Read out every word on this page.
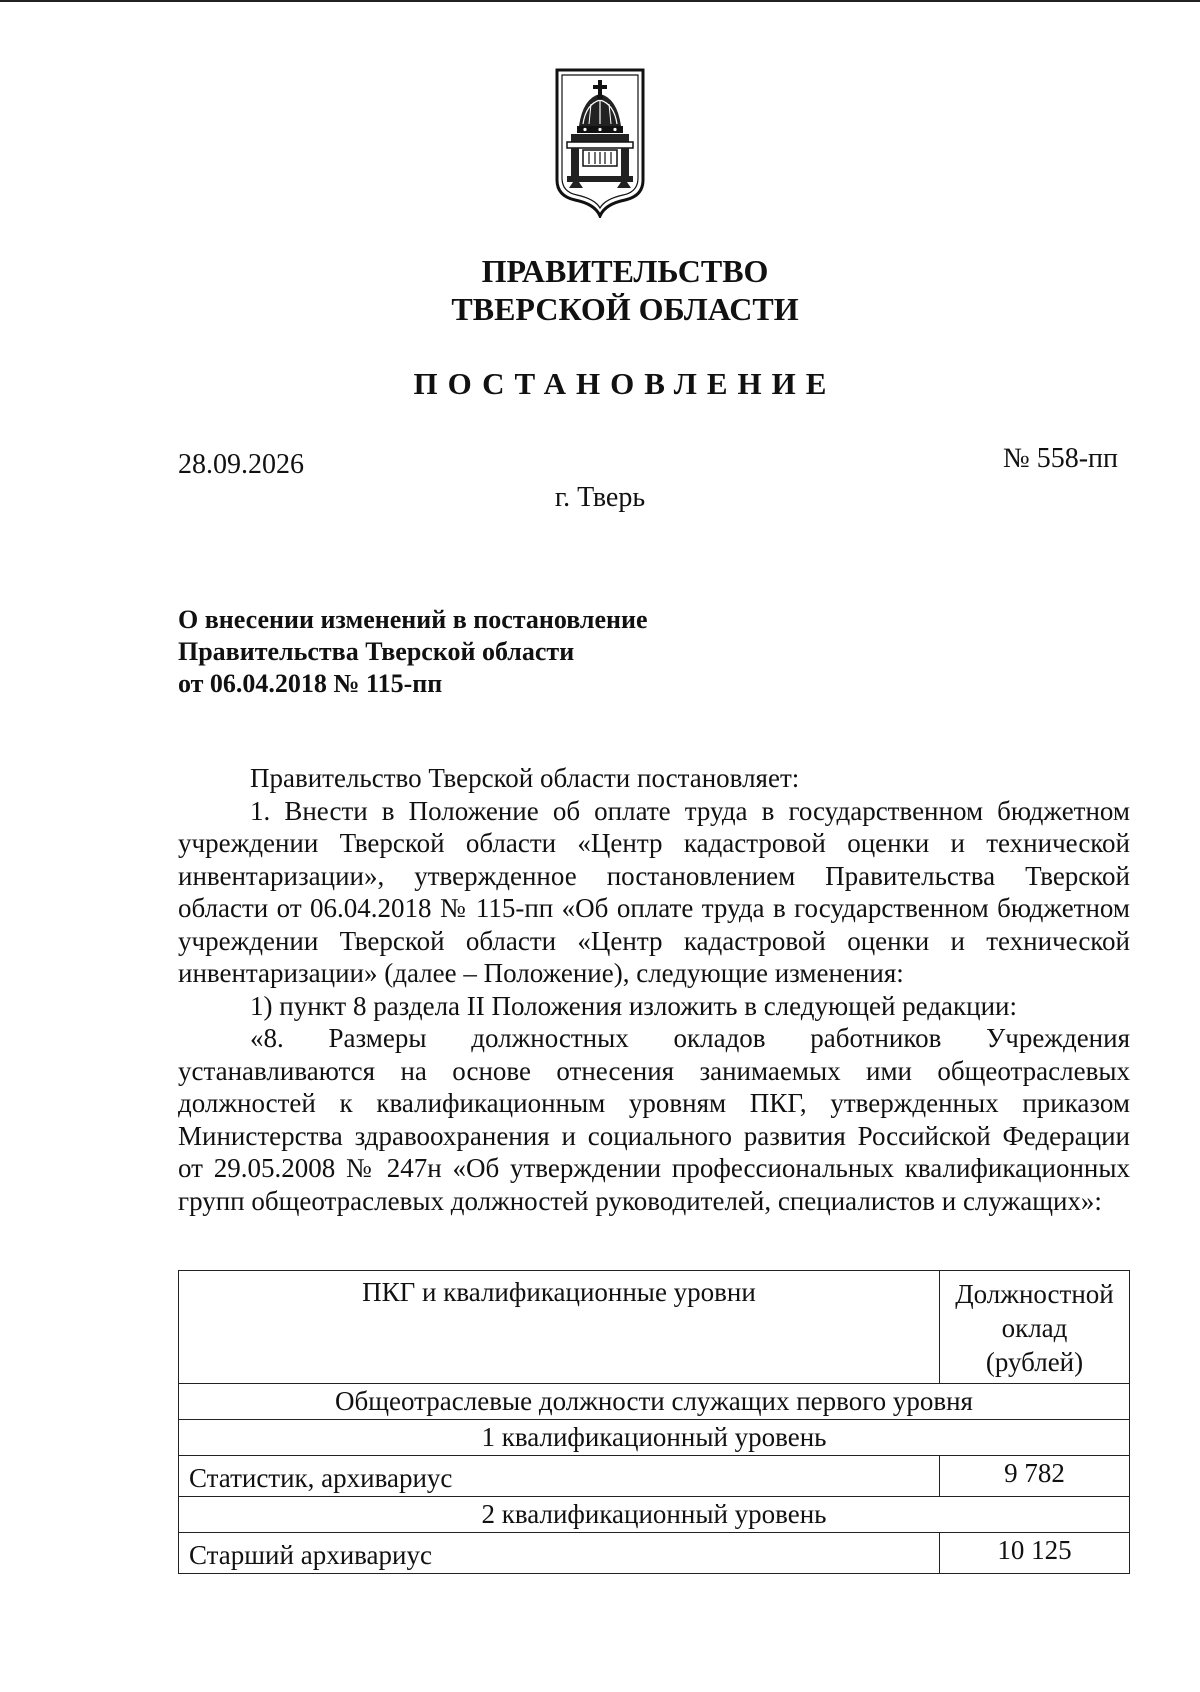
ПРАВИТЕЛЬСТВО
ТВЕРСКОЙ ОБЛАСТИ
ПОСТАНОВЛЕНИЕ
28.09.2026	№ 558-пп
г. Тверь
О внесении изменений в постановление
Правительства Тверской области
от 06.04.2018 № 115-пп

Правительство Тверской области постановляет:

1. Внести в Положение об оплате труда в государственном бюджетном учреждении Тверской области «Центр кадастровой оценки и технической инвентаризации», утвержденное постановлением Правительства Тверской области от 06.04.2018 № 115-пп «Об оплате труда в государственном бюджетном учреждении Тверской области «Центр кадастровой оценки и технической инвентаризации» (далее – Положение), следующие изменения:

1) пункт 8 раздела II Положения изложить в следующей редакции:

«8. Размеры должностных окладов работников Учреждения устанавливаются на основе отнесения занимаемых ими общеотраслевых должностей к квалификационным уровням ПКГ, утвержденных приказом Министерства здравоохранения и социального развития Российской Федерации от 29.05.2008 № 247н «Об утверждении профессиональных квалификационных групп общеотраслевых должностей руководителей, специалистов и служащих»:

ПКГ и квалификационные уровни	Должностной оклад (рублей)
Общеотраслевые должности служащих первого уровня	
1 квалификационный уровень	
Статистик, архивариус	9 782
2 квалификационный уровень	
Старший архивариус	10 125
